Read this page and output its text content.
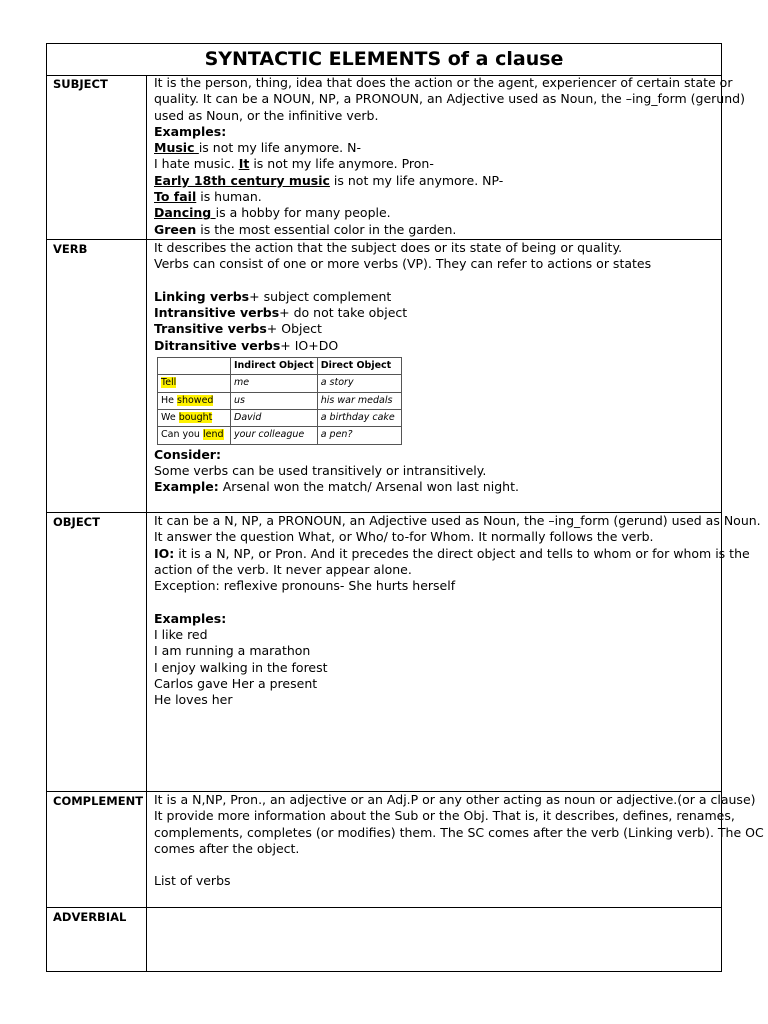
SYNTACTIC ELEMENTS of a clause
SUBJECT	It is the person, thing, idea that does the action or the agent, experiencer of certain state or
quality. It can be a NOUN, NP, a PRONOUN, an Adjective used as Noun, the –ing_form (gerund)
used as Noun, or the infinitive verb.
Examples:
Music is not my life anymore. N-
I hate music. It is not my life anymore. Pron-
Early 18th century music is not my life anymore. NP-
To fail is human.
Dancing is a hobby for many people.
Green is the most essential color in the garden.
VERB	It describes the action that the subject does or its state of being or quality.
Verbs can consist of one or more verbs (VP). They can refer to actions or states
Linking verbs+ subject complement
Intransitive verbs+ do not take object
Transitive verbs+ Object
Ditransitive verbs+ IO+DO
	Indirect Object	Direct Object
Tell	me	a story
He showed	us	his war medals
We bought	David	a birthday cake
Can you lend	your colleague	a pen?
Consider:
Some verbs can be used transitively or intransitively.
Example: Arsenal won the match/ Arsenal won last night.
OBJECT	It can be a N, NP, a PRONOUN, an Adjective used as Noun, the –ing_form (gerund) used as Noun.
It answer the question What, or Who/ to-for Whom. It normally follows the verb.
IO: it is a N, NP, or Pron. And it precedes the direct object and tells to whom or for whom is the
action of the verb. It never appear alone.
Exception: reflexive pronouns- She hurts herself
Examples:
I like red
I am running a marathon
I enjoy walking in the forest
Carlos gave Her a present
He loves her
COMPLEMENT It is a N,NP, Pron., an adjective or an Adj.P or any other acting as noun or adjective.(or a clause)
It provide more information about the Sub or the Obj. That is, it describes, defines, renames,
complements, completes (or modifies) them. The SC comes after the verb (Linking verb). The OC
comes after the object.
List of verbs
ADVERBIAL
